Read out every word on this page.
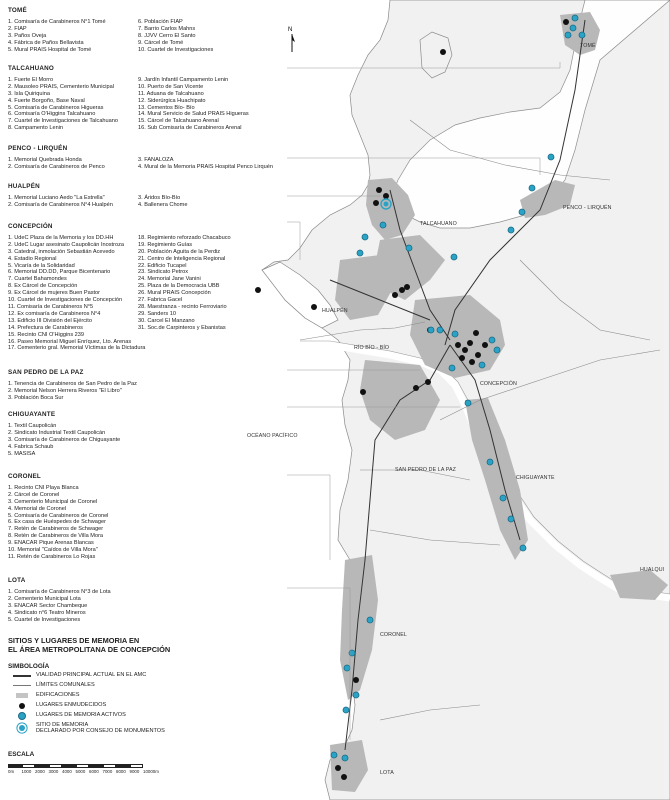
N
TOMÉ
PENCO - LIRQUÉN
TALCAHUANO
HUALPÉN
RÍO BÍO - BÍO
CONCEPCIÓN
OCÉANO PACÍFICO
SAN PEDRO DE LA PAZ
CHIGUAYANTE
HUALQUI
CORONEL
LOTA
TOMÉ
1. Comisaría de Carabineros N°1 Tomé
2. FIAP
3. Paños Oveja
4. Fábrica de Paños Bellavista
5. Mural PRAIS Hospital de Tomé
6. Población FIAP
7. Barrio Carlos Mahns
8. JJVV Cerro El Santo
9. Cárcel de Tomé
10. Cuartel de Investigaciones
TALCAHUANO
1. Fuerte El Morro
2. Mausoleo PRAIS, Cementerio Municipal
3. Isla Quiriquina
4. Fuerte Borgoño, Base Naval
5. Comisaría de Carabineros Higueras
6. Comisaría O'Higgins Talcahuano
7. Cuartel de Investigaciones de Talcahuano
8. Campamento Lenin
9. Jardín Infantil Campamento Lenin
10. Puerto de San Vicente
11. Aduana de Talcahuano
12. Siderúrgica Huachipato
13. Cementos Bío- Bío
14. Mural Servicio de Salud PRAIS Higueras
15. Cárcel de Talcahuano Arenal
16. Sub Comisaría de Carabineros Arenal
PENCO - LIRQUÉN
1. Memorial Quebrada Honda
2. Comisaría de Carabineros de Penco
3. FANALOZA
4. Mural de la Memoria PRAIS Hospital Penco Lirquén
HUALPÉN
1. Memorial Luciano Aedo "La Estrella"
2. Comisaría de Carabineros N°4 Hualpén
3. Áridos Bío-Bío
4. Ballenera Chome
CONCEPCIÓN
1. UdeC Plaza de la Memoria y los DD.HH
2. UdeC Lugar asesinato Caupolicán Inostroza
3. Catedral, inmolación Sebastián Acevedo
4. Estadio Regional
5. Vicaría de la Solidaridad
6. Memorial DD.DD, Parque Bicentenario
7. Cuartel Bahamondes
8. Ex Cárcel de Concepción
9. Ex Cárcel de mujeres Buen Pastor
10. Cuartel de Investigaciones de Concepción
11. Comisaría de Carabineros N°5
12. Ex comisaría de Carabineros N°4
13. Edificio III División del Ejército
14. Prefectura de Carabineros
15. Recinto CNI O'Higgins 239
16. Paseo Memorial Miguel Enríquez, Lto. Arenas
17. Cementerio gral. Memorial Víctimas de la Dictadura
18. Regimiento reforzado Chacabuco
19. Regimiento Guías
20. Población Aguita de la Perdiz
21. Centro de Inteligencia Regional
22. Edificio Tucapel
23. Sindicato Petrox
24. Memorial Jane Vanini
25. Plaza de la Democracia UBB
26. Mural PRAIS Concepción
27. Fabrica Gacel
28. Maestranza - recinto Ferroviario
29. Sanders 10
30. Carcel El Manzano
31. Soc.de Carpinteros y Ebanistas
SAN PEDRO DE LA PAZ
1. Tenencia de Carabineros de San Pedro de la Paz
2. Memorial Nelson Herrera Riveros "El Libro"
3. Población Boca Sur
CHIGUAYANTE
1. Textil Caupolicán
2. Sindicato Industrial Textil Caupolicán
3. Comisaría de Carabineros de Chiguayante
4. Fabrica Schaub
5. MASISA
CORONEL
1. Recinto CNI Playa Blanca
2. Cárcel de Coronel
3. Cementerio Municipal de Coronel
4. Memorial de Coronel
5. Comisaría de Carabineros de Coronel
6. Ex casa de Huéspedes de Schwager
7. Retén de Carabineros de Schwager
8. Retén de Carabineros de Villa Mora
9. ENACAR Pique Arenas Blancas
10. Memorial "Caídos de Villa Mora"
11. Retén de Carabineros Lo Rojas
LOTA
1. Comisaría de Carabineros N°3 de Lota
2. Cementerio Municipal Lota
3. ENACAR Sector Chambeque
4. Sindicato n°6 Teatro Mineros
5. Cuartel de Investigaciones
SITIOS Y LUGARES DE MEMORIA EN
EL ÁREA METROPOLITANA DE CONCEPCIÓN
SIMBOLOGÍA
VIALIDAD PRINCIPAL ACTUAL EN EL AMC
LÍMITES COMUNALES
EDIFICACIONES
LUGARES ENMUDECIDOS
LUGARES DE MEMORIA ACTIVOS
SITIO DE MEMORIA
DECLARADO POR CONSEJO DE MONUMENTOS
ESCALA
0m	1000 2000 3000 4000 5000 6000 7000 8000 9000 10000m
